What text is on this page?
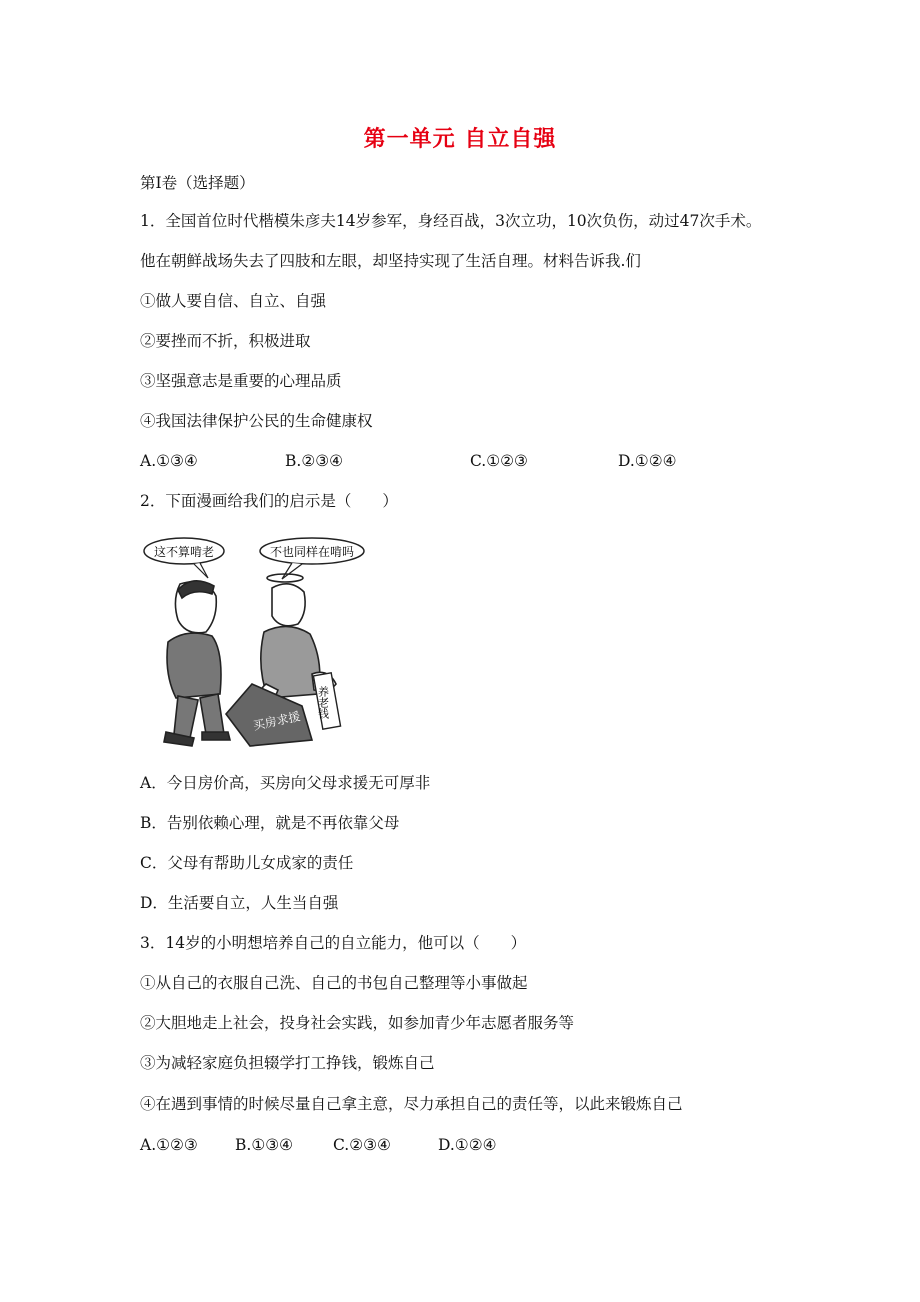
第一单元 自立自强
第Ⅰ卷（选择题）
1．全国首位时代楷模朱彦夫14岁参军，身经百战，3次立功，10次负伤，动过47次手术。
他在朝鲜战场失去了四肢和左眼，却坚持实现了生活自理。材料告诉我.们
①做人要自信、自立、自强
②要挫而不折，积极进取
③坚强意志是重要的心理品质
④我国法律保护公民的生命健康权
A.①③④	B.②③④	C.①②③	D.①②④
2．下面漫画给我们的启示是（　　）
这不算啃老	不也同样在啃吗
买房求援
养老钱
A．今日房价高，买房向父母求援无可厚非
B．告别依赖心理，就是不再依靠父母
C．父母有帮助儿女成家的责任
D．生活要自立，人生当自强
3．14岁的小明想培养自己的自立能力，他可以（　　）
①从自己的衣服自己洗、自己的书包自己整理等小事做起
②大胆地走上社会，投身社会实践，如参加青少年志愿者服务等
③为减轻家庭负担辍学打工挣钱，锻炼自己
④在遇到事情的时候尽量自己拿主意，尽力承担自己的责任等，以此来锻炼自己
A.①②③ B.①③④	C.②③④	D.①②④
